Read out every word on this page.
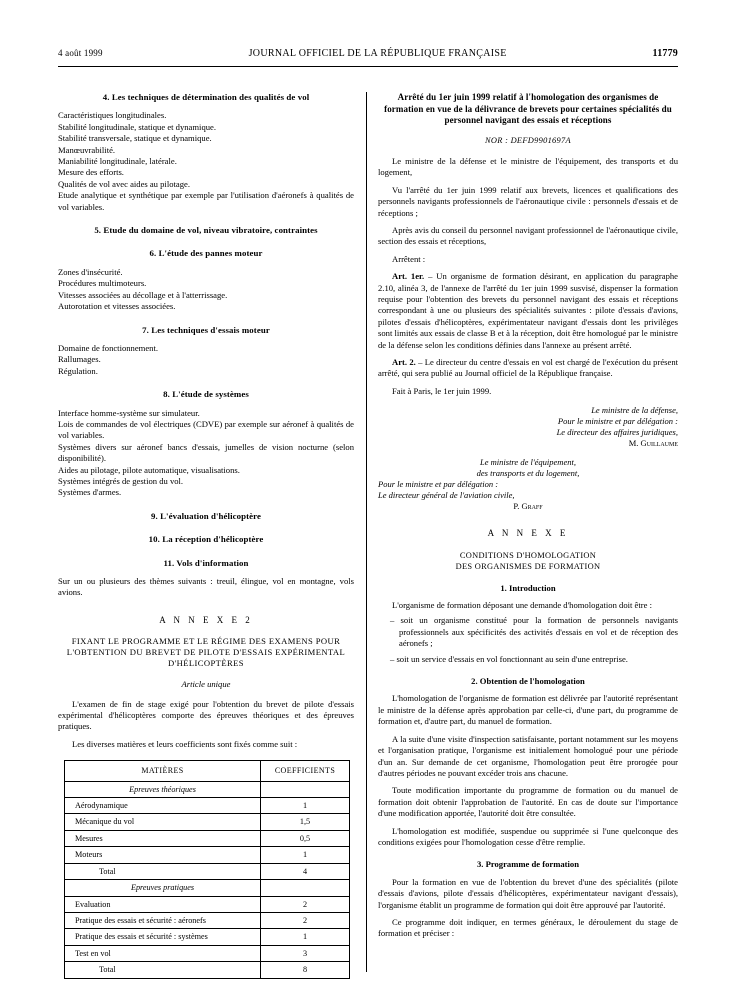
4 août 1999	JOURNAL OFFICIEL DE LA RÉPUBLIQUE FRANÇAISE	11779
4. Les techniques de détermination des qualités de vol

Caractéristiques longitudinales.

Stabilité longitudinale, statique et dynamique.

Stabilité transversale, statique et dynamique.

Manœuvrabilité.

Maniabilité longitudinale, latérale.

Mesure des efforts.

Qualités de vol avec aides au pilotage.

Etude analytique et synthétique par exemple par l'utilisation d'aéronefs à qualités de vol variables.

5. Etude du domaine de vol, niveau vibratoire, contraintes
6. L'étude des pannes moteur

Zones d'insécurité.

Procédures multimoteurs.

Vitesses associées au décollage et à l'atterrissage.

Autorotation et vitesses associées.

7. Les techniques d'essais moteur

Domaine de fonctionnement.

Rallumages.

Régulation.

8. L'étude de systèmes

Interface homme-système sur simulateur.

Lois de commandes de vol électriques (CDVE) par exemple sur aéronef à qualités de vol variables.

Systèmes divers sur aéronef bancs d'essais, jumelles de vision nocturne (selon disponibilité).

Aides au pilotage, pilote automatique, visualisations.

Systèmes intégrés de gestion du vol.

Systèmes d'armes.

9. L'évaluation d'hélicoptère
10. La réception d'hélicoptère
11. Vols d'information

Sur un ou plusieurs des thèmes suivants : treuil, élingue, vol en montagne, vols avions.

A N N E X E 2
FIXANT LE PROGRAMME ET LE RÉGIME DES EXAMENS POUR L'OBTENTION DU BREVET DE PILOTE D'ESSAIS EXPÉRIMENTAL D'HÉLICOPTÈRES
Article unique

L'examen de fin de stage exigé pour l'obtention du brevet de pilote d'essais expérimental d'hélicoptères comporte des épreuves théoriques et des épreuves pratiques.

Les diverses matières et leurs coefficients sont fixés comme suit :

MATIÈRES	COEFFICIENTS
Epreuves théoriques	
Aérodynamique	1
Mécanique du vol	1,5
Mesures	0,5
Moteurs	1
Total	4
Epreuves pratiques	
Evaluation	2
Pratique des essais et sécurité : aéronefs	2
Pratique des essais et sécurité : systèmes	1
Test en vol	3
Total	8
Arrêté du 1er juin 1999 relatif à l'homologation des organismes de formation en vue de la délivrance de brevets pour certaines spécialités du personnel navigant des essais et réceptions
NOR : DEFD9901697A

Le ministre de la défense et le ministre de l'équipement, des transports et du logement,

Vu l'arrêté du 1er juin 1999 relatif aux brevets, licences et qualifications des personnels navigants professionnels de l'aéronautique civile : personnels d'essais et de réceptions ;

Après avis du conseil du personnel navigant professionnel de l'aéronautique civile, section des essais et réceptions,

Arrêtent :

Art. 1er. – Un organisme de formation désirant, en application du paragraphe 2.10, alinéa 3, de l'annexe de l'arrêté du 1er juin 1999 susvisé, dispenser la formation requise pour l'obtention des brevets du personnel navigant des essais et réceptions correspondant à une ou plusieurs des spécialités suivantes : pilote d'essais d'avions, pilotes d'essais d'hélicoptères, expérimentateur navigant d'essais dont les privilèges sont limités aux essais de classe B et à la réception, doit être homologué par le ministre de la défense selon les conditions définies dans l'annexe au présent arrêté.

Art. 2. – Le directeur du centre d'essais en vol est chargé de l'exécution du présent arrêté, qui sera publié au Journal officiel de la République française.

Fait à Paris, le 1er juin 1999.

Le ministre de la défense,
Pour le ministre et par délégation :
Le directeur des affaires juridiques,
M. Guillaume
Le ministre de l'équipement,
des transports et du logement,
Pour le ministre et par délégation :
Le directeur général de l'aviation civile,
P. Graff
A N N E X E
CONDITIONS D'HOMOLOGATION
DES ORGANISMES DE FORMATION
1. Introduction

L'organisme de formation déposant une demande d'homologation doit être :

– soit un organisme constitué pour la formation de personnels navigants professionnels aux spécificités des activités d'essais en vol et de réception des aéronefs ;
– soit un service d'essais en vol fonctionnant au sein d'une entreprise.
2. Obtention de l'homologation

L'homologation de l'organisme de formation est délivrée par l'autorité représentant le ministre de la défense après approbation par celle-ci, d'une part, du programme de formation et, d'autre part, du manuel de formation.

A la suite d'une visite d'inspection satisfaisante, portant notamment sur les moyens et l'organisation pratique, l'organisme est initialement homologué pour une période d'un an. Sur demande de cet organisme, l'homologation peut être prorogée pour d'autres périodes ne pouvant excéder trois ans chacune.

Toute modification importante du programme de formation ou du manuel de formation doit obtenir l'approbation de l'autorité. En cas de doute sur l'importance d'une modification apportée, l'autorité doit être consultée.

L'homologation est modifiée, suspendue ou supprimée si l'une quelconque des conditions exigées pour l'homologation cesse d'être remplie.

3. Programme de formation

Pour la formation en vue de l'obtention du brevet d'une des spécialités (pilote d'essais d'avions, pilote d'essais d'hélicoptères, expérimentateur navigant d'essais), l'organisme établit un programme de formation qui doit être approuvé par l'autorité.

Ce programme doit indiquer, en termes généraux, le déroulement du stage de formation et préciser :
